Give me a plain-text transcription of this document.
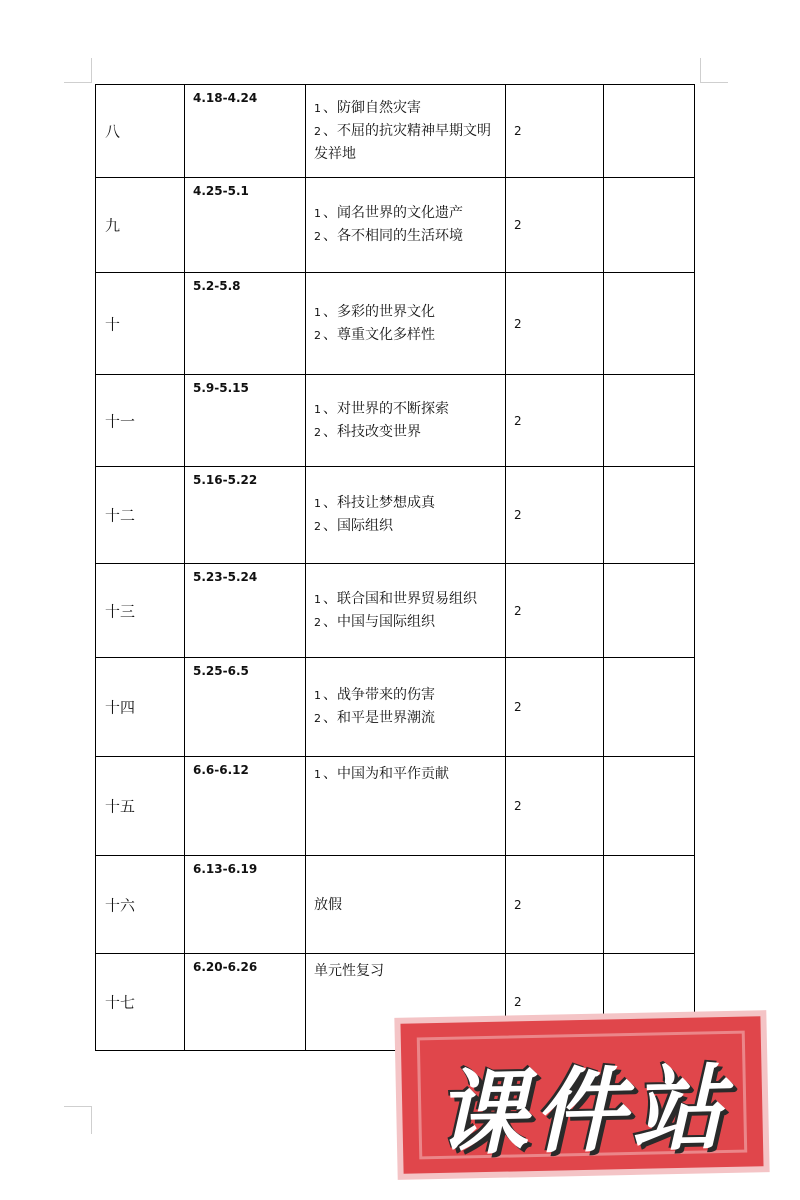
八	4.18-4.24	1 、防御自然灾害
2 、不屈的抗灾精神早期文明发祥地	2	

九	4.25-5.1	1 、闻名世界的文化遗产
2 、各不相同的生活环境	2	

十	5.2-5.8	1 、多彩的世界文化
2 、尊重文化多样性	2	

十一	5.9-5.15	1 、对世界的不断探索
2 、科技改变世界	2	

十二	5.16-5.22	1 、科技让梦想成真
2 、国际组织	2	

十三	5.23-5.24	1 、联合国和世界贸易组织
2 、中国与国际组织	2	

十四	5.25-6.5	1 、战争带来的伤害
2 、和平是世界潮流	2	

十五	6.6-6.12	1 、中国为和平作贡献	2	

十六	6.13-6.19	放假	2	

十七	6.20-6.26	单元性复习	2	

课件站
